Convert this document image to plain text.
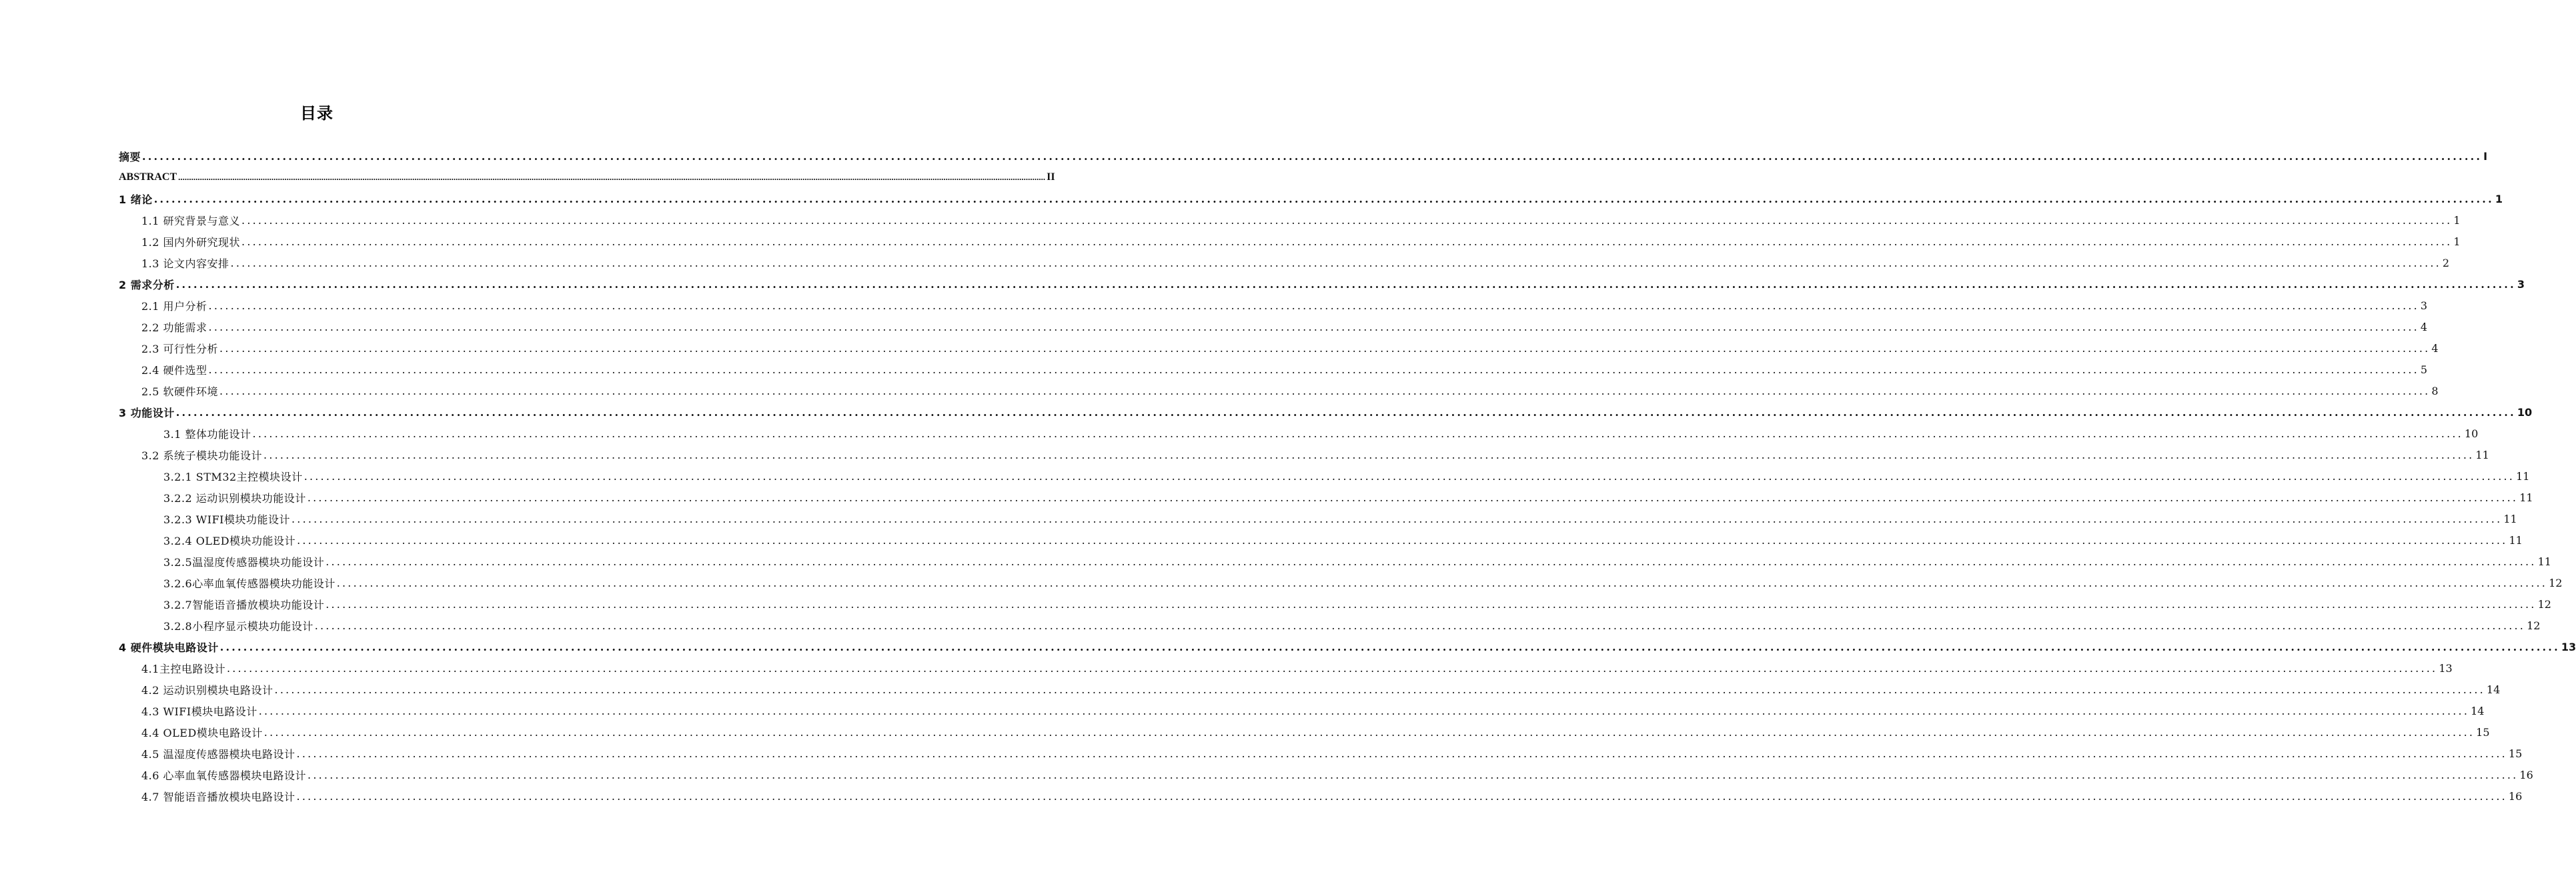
目录
摘要 ................................................................................................................................................................................................................................................................................................................................................................................................................ I
ABSTRACT ................................................................................................................................................................................................................................................................................................................................................................................................................ II
1 绪论 ................................................................................................................................................................................................................................................................................................................................................................................................................ 1
1.1 研究背景与意义 ................................................................................................................................................................................................................................................................................................................................................................................................................ 1
1.2 国内外研究现状 ................................................................................................................................................................................................................................................................................................................................................................................................................ 1
1.3 论文内容安排 ................................................................................................................................................................................................................................................................................................................................................................................................................ 2
2 需求分析 ................................................................................................................................................................................................................................................................................................................................................................................................................ 3
2.1 用户分析 ................................................................................................................................................................................................................................................................................................................................................................................................................ 3
2.2 功能需求 ................................................................................................................................................................................................................................................................................................................................................................................................................ 4
2.3 可行性分析 ................................................................................................................................................................................................................................................................................................................................................................................................................ 4
2.4 硬件选型 ................................................................................................................................................................................................................................................................................................................................................................................................................ 5
2.5 软硬件环境 ................................................................................................................................................................................................................................................................................................................................................................................................................ 8
3 功能设计 ................................................................................................................................................................................................................................................................................................................................................................................................................ 10
3.1 整体功能设计 ................................................................................................................................................................................................................................................................................................................................................................................................................ 10
3.2 系统子模块功能设计 ................................................................................................................................................................................................................................................................................................................................................................................................................ 11
3.2.1 STM32主控模块设计 ................................................................................................................................................................................................................................................................................................................................................................................................................ 11
3.2.2 运动识别模块功能设计 ................................................................................................................................................................................................................................................................................................................................................................................................................ 11
3.2.3 WIFI模块功能设计 ................................................................................................................................................................................................................................................................................................................................................................................................................ 11
3.2.4 OLED模块功能设计 ................................................................................................................................................................................................................................................................................................................................................................................................................ 11
3.2.5温湿度传感器模块功能设计 ................................................................................................................................................................................................................................................................................................................................................................................................................ 11
3.2.6心率血氧传感器模块功能设计 ................................................................................................................................................................................................................................................................................................................................................................................................................ 12
3.2.7智能语音播放模块功能设计 ................................................................................................................................................................................................................................................................................................................................................................................................................ 12
3.2.8小程序显示模块功能设计 ................................................................................................................................................................................................................................................................................................................................................................................................................ 12
4 硬件模块电路设计 ................................................................................................................................................................................................................................................................................................................................................................................................................ 13
4.1主控电路设计 ................................................................................................................................................................................................................................................................................................................................................................................................................ 13
4.2 运动识别模块电路设计 ................................................................................................................................................................................................................................................................................................................................................................................................................ 14
4.3 WIFI模块电路设计 ................................................................................................................................................................................................................................................................................................................................................................................................................ 14
4.4 OLED模块电路设计 ................................................................................................................................................................................................................................................................................................................................................................................................................ 15
4.5 温湿度传感器模块电路设计 ................................................................................................................................................................................................................................................................................................................................................................................................................ 15
4.6 心率血氧传感器模块电路设计 ................................................................................................................................................................................................................................................................................................................................................................................................................ 16
4.7 智能语音播放模块电路设计 ................................................................................................................................................................................................................................................................................................................................................................................................................ 16
